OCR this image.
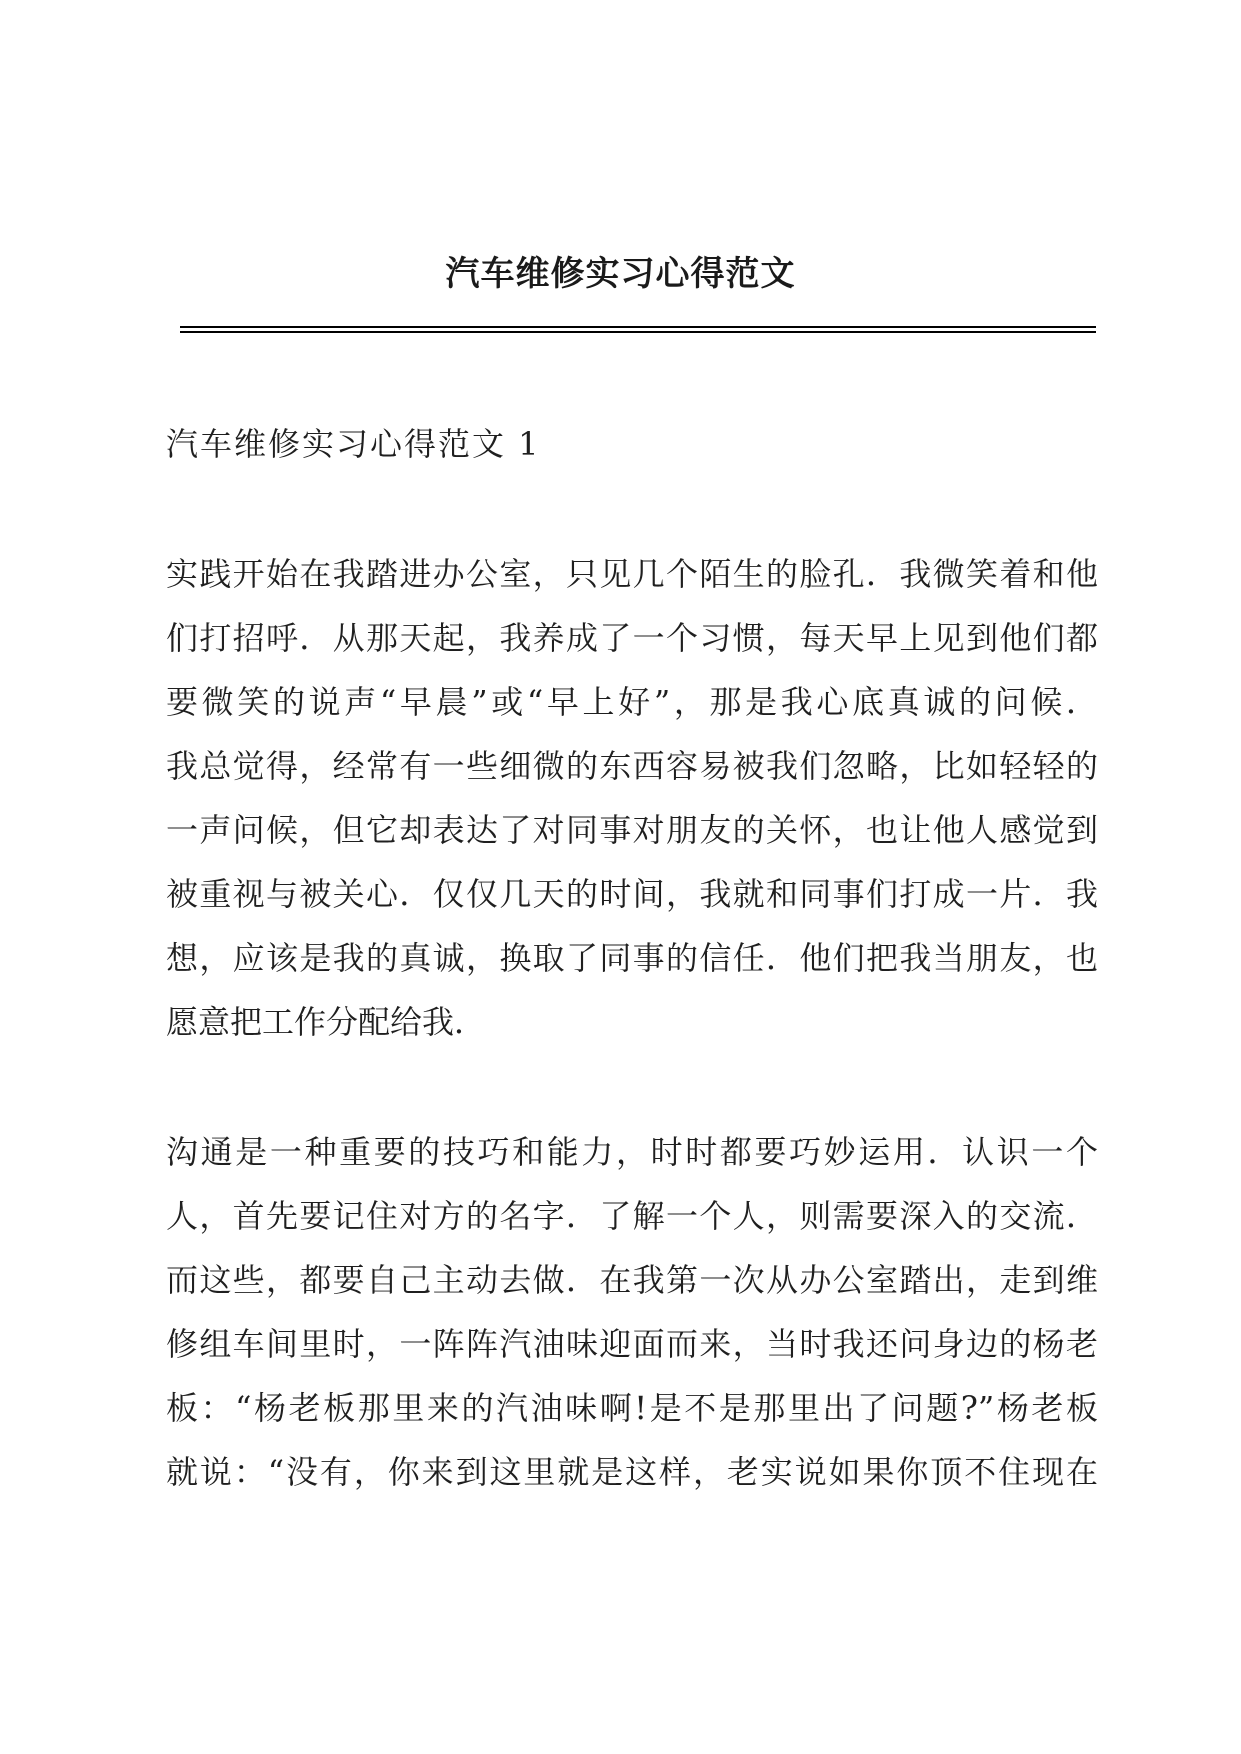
汽车维修实习心得范文
汽车维修实习心得范文 1
实践开始在我踏进办公室，只见几个陌生的脸孔．我微笑着和他
们打招呼．从那天起，我养成了一个习惯，每天早上见到他们都
要微笑的说声“早晨”或“早上好”，那是我心底真诚的问候．
我总觉得，经常有一些细微的东西容易被我们忽略，比如轻轻的
一声问候，但它却表达了对同事对朋友的关怀，也让他人感觉到
被重视与被关心．仅仅几天的时间，我就和同事们打成一片．我
想，应该是我的真诚，换取了同事的信任．他们把我当朋友，也
愿意把工作分配给我．
沟通是一种重要的技巧和能力，时时都要巧妙运用．认识一个
人，首先要记住对方的名字．了解一个人，则需要深入的交流．
而这些，都要自己主动去做．在我第一次从办公室踏出，走到维
修组车间里时，一阵阵汽油味迎面而来，当时我还问身边的杨老
板：“杨老板那里来的汽油味啊!是不是那里出了问题?”杨老板
就说：“没有，你来到这里就是这样，老实说如果你顶不住现在
